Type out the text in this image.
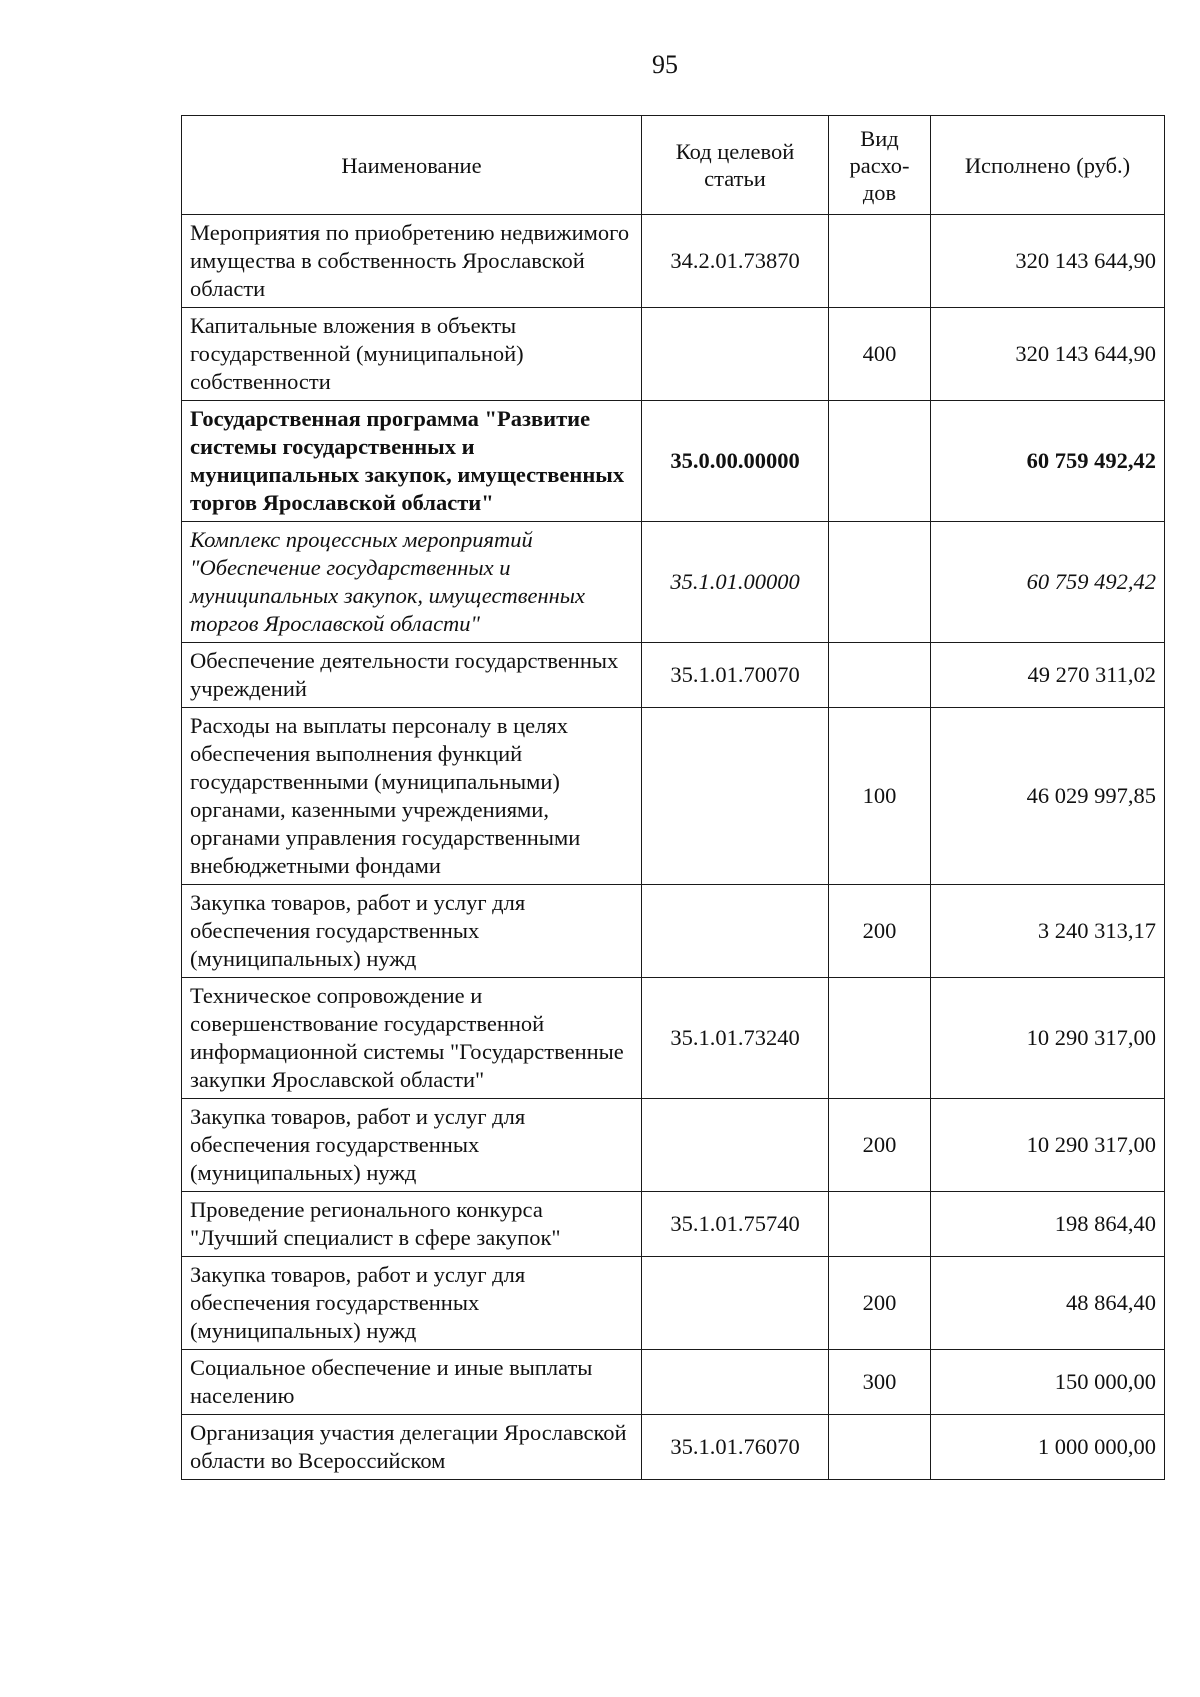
95
Наименование	Код целевой статьи	Вид расхо-дов	Исполнено (руб.)
Мероприятия по приобретению недвижимого имущества в собственность Ярославской области	34.2.01.73870		320 143 644,90
Капитальные вложения в объекты государственной (муниципальной) собственности		400	320 143 644,90
Государственная программа "Развитие системы государственных и муниципальных закупок, имущественных торгов Ярославской области"	35.0.00.00000		60 759 492,42
Комплекс процессных мероприятий "Обеспечение государственных и муниципальных закупок, имущественных торгов Ярославской области"	35.1.01.00000		60 759 492,42
Обеспечение деятельности государственных учреждений	35.1.01.70070		49 270 311,02
Расходы на выплаты персоналу в целях обеспечения выполнения функций государственными (муниципальными) органами, казенными учреждениями, органами управления государственными внебюджетными фондами		100	46 029 997,85
Закупка товаров, работ и услуг для обеспечения государственных (муниципальных) нужд		200	3 240 313,17
Техническое сопровождение и совершенствование государственной информационной системы "Государственные закупки Ярославской области"	35.1.01.73240		10 290 317,00
Закупка товаров, работ и услуг для обеспечения государственных (муниципальных) нужд		200	10 290 317,00
Проведение регионального конкурса "Лучший специалист в сфере закупок"	35.1.01.75740		198 864,40
Закупка товаров, работ и услуг для обеспечения государственных (муниципальных) нужд		200	48 864,40
Социальное обеспечение и иные выплаты населению		300	150 000,00
Организация участия делегации Ярославской области во Всероссийском	35.1.01.76070		1 000 000,00
